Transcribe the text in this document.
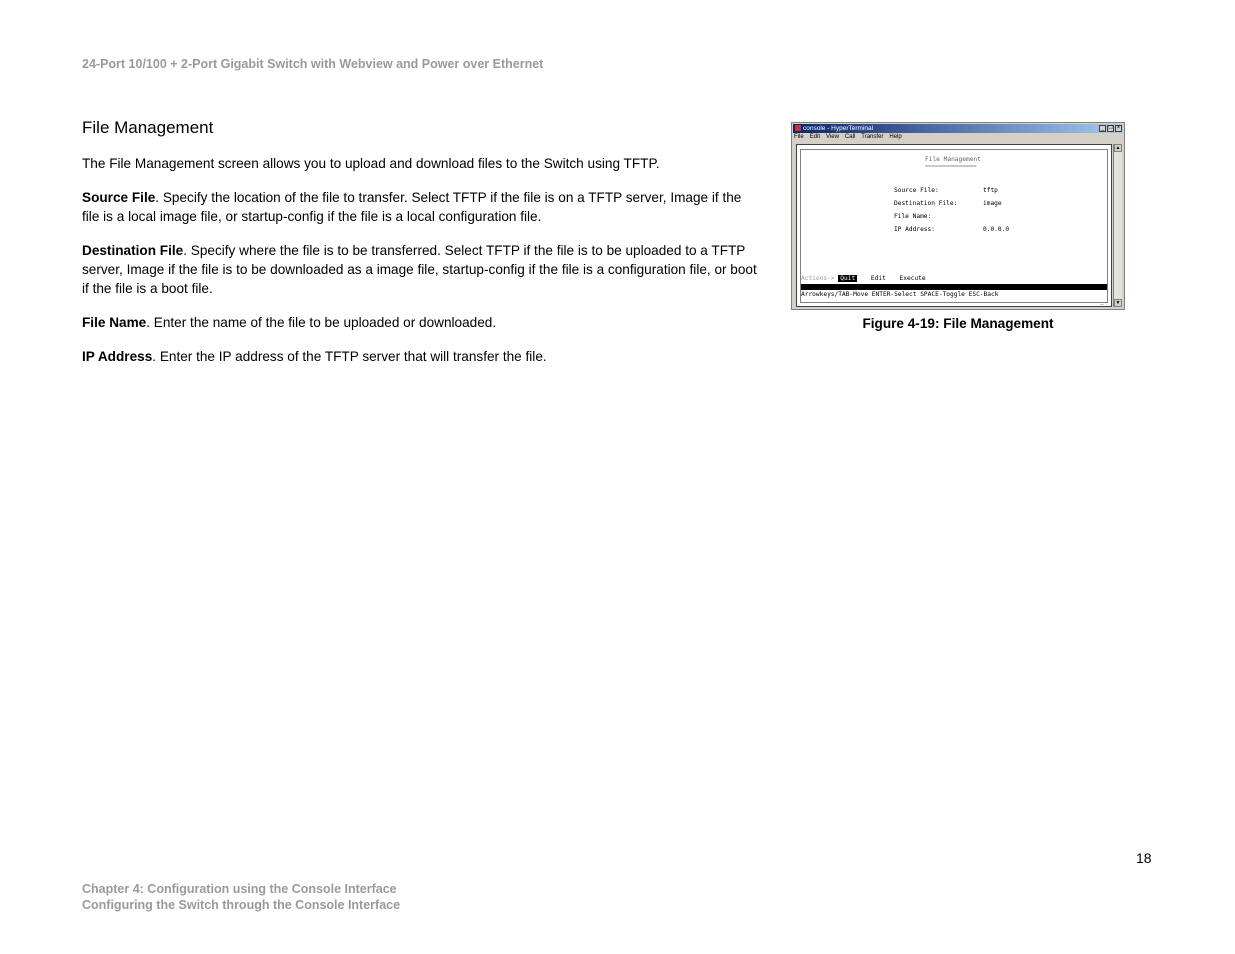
24-Port 10/100 + 2-Port Gigabit Switch with Webview and Power over Ethernet
File Management

The File Management screen allows you to upload and download files to the Switch using TFTP.

Source File. Specify the location of the file to transfer. Select TFTP if the file is on a TFTP server, Image if the file is a local image file, or startup-config if the file is a local configuration file.

Destination File. Specify where the file is to be transferred. Select TFTP if the file is to be uploaded to a TFTP server, Image if the file is to be downloaded as a image file, startup-config if the file is a configuration file, or boot if the file is a boot file.

File Name. Enter the name of the file to be uploaded or downloaded.

IP Address. Enter the IP address of the TFTP server that will transfer the file.

console - HyperTerminal	_ □ ×
File Edit View Call Transfer Help
File Management
===============
Source File:	tftp
Destination File:	image
File Name:
IP Address:	0.0.0.0
Actions-> Quit	Edit Execute
Arrowkeys/TAB-Move ENTER-Select SPACE-Toggle ESC-Back
_
▲
▼
Figure 4-19: File Management
18
Chapter 4: Configuration using the Console Interface
Configuring the Switch through the Console Interface
